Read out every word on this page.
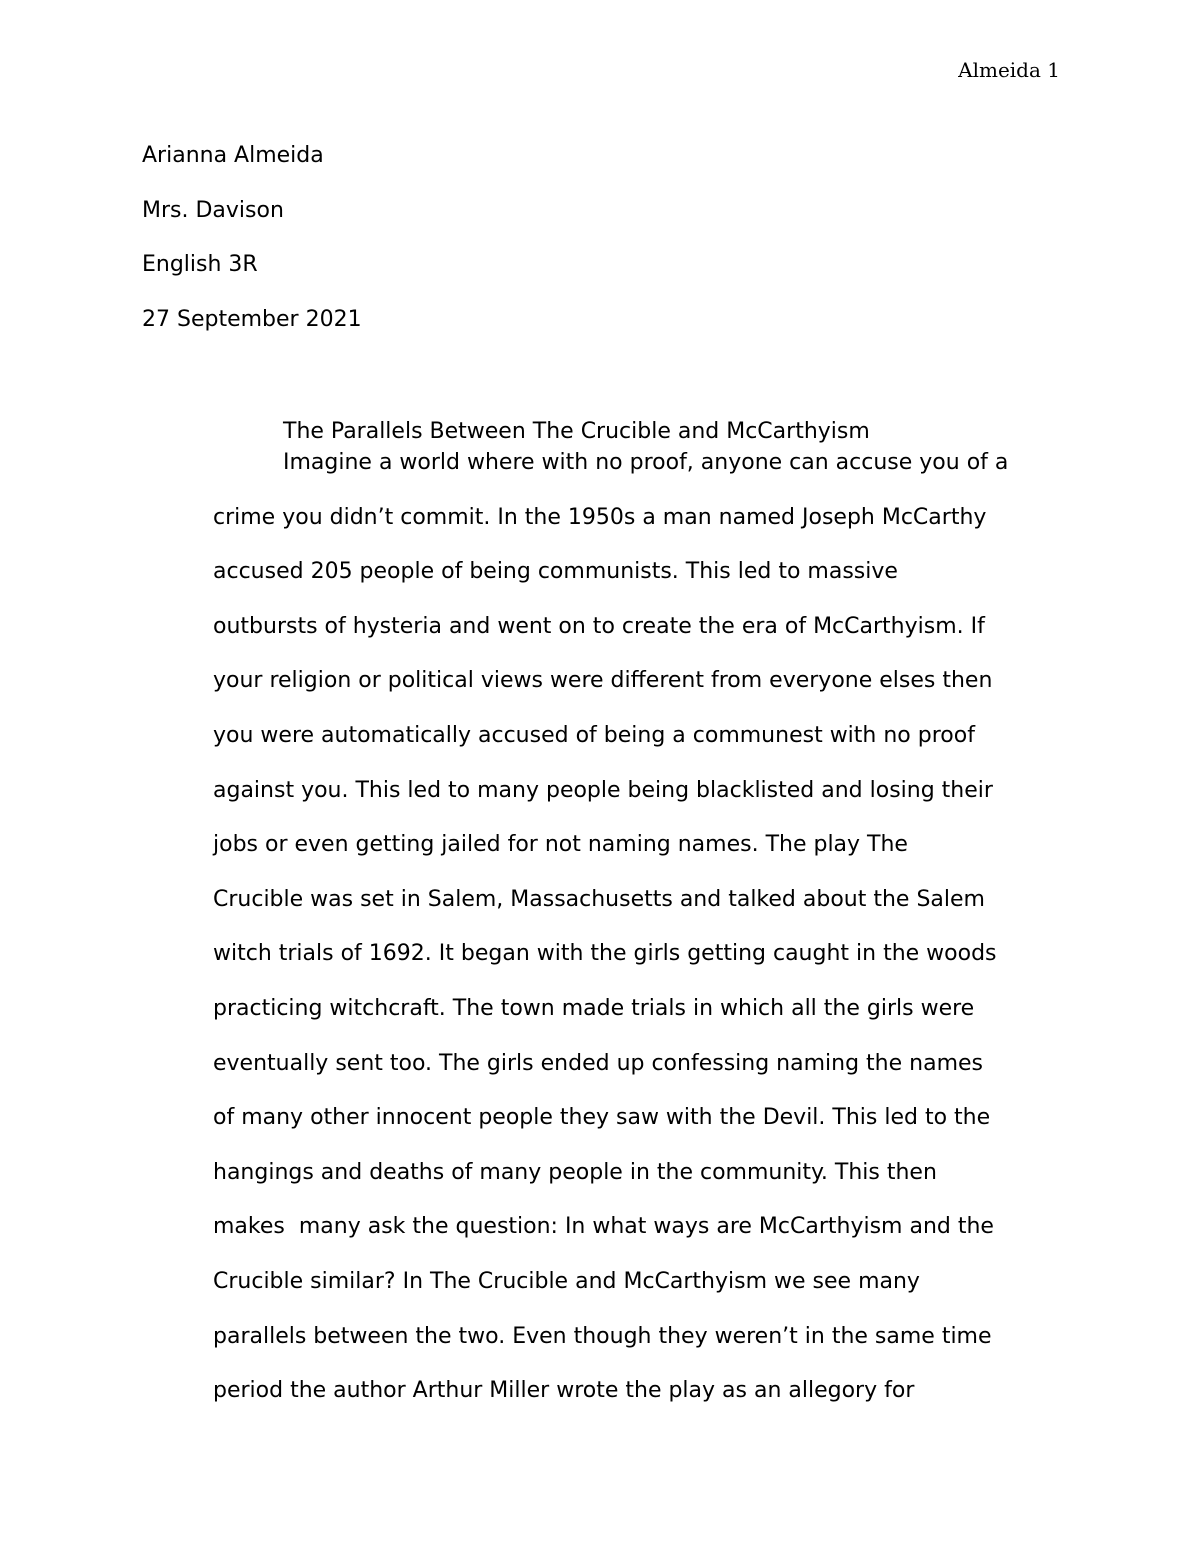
Almeida 1
Arianna Almeida
Mrs. Davison
English 3R
27 September 2021
The Parallels Between The Crucible and McCarthyism
Imagine a world where with no proof, anyone can accuse you of a
crime you didn’t commit. In the 1950s a man named Joseph McCarthy
accused 205 people of being communists. This led to massive
outbursts of hysteria and went on to create the era of McCarthyism. If
your religion or political views were different from everyone elses then
you were automatically accused of being a communest with no proof
against you. This led to many people being blacklisted and losing their
jobs or even getting jailed for not naming names. The play The
Crucible was set in Salem, Massachusetts and talked about the Salem
witch trials of 1692. It began with the girls getting caught in the woods
practicing witchcraft. The town made trials in which all the girls were
eventually sent too. The girls ended up confessing naming the names
of many other innocent people they saw with the Devil. This led to the
hangings and deaths of many people in the community. This then
makes  many ask the question: In what ways are McCarthyism and the
Crucible similar? In The Crucible and McCarthyism we see many
parallels between the two. Even though they weren’t in the same time
period the author Arthur Miller wrote the play as an allegory for
